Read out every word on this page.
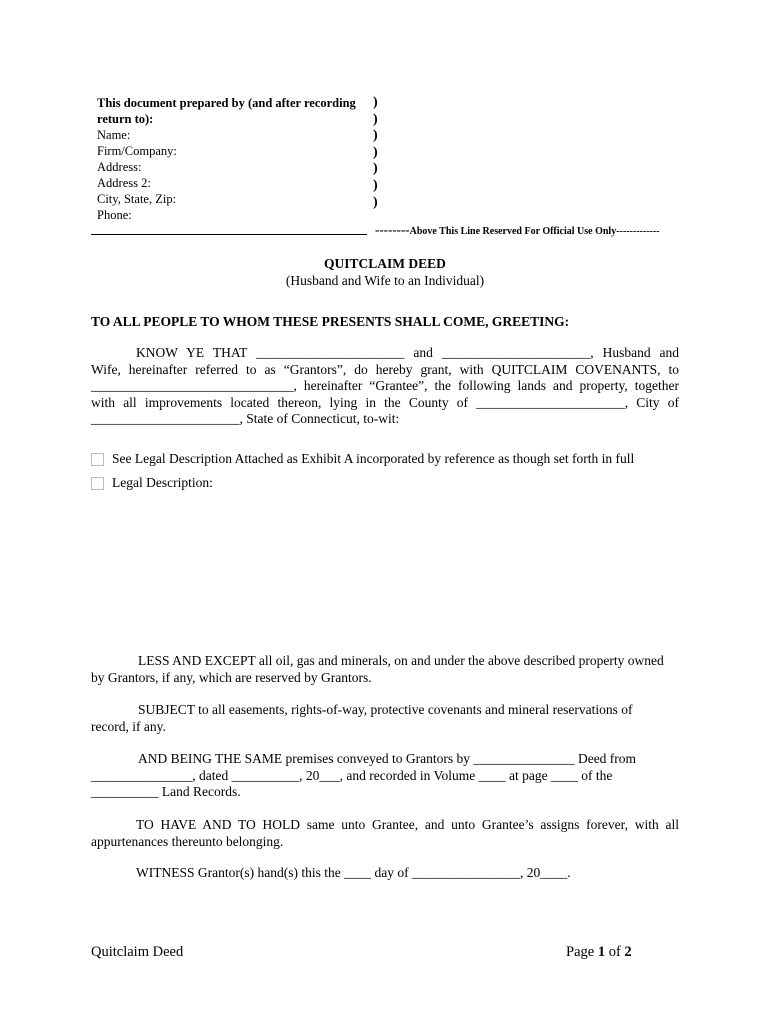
This document prepared by (and after recording
return to):
Name:
Firm/Company:
Address:
Address 2:
City, State, Zip:
Phone:
)
)
)
)
)
)
)
--------Above This Line Reserved For Official Use Only-------------
QUITCLAIM DEED
(Husband and Wife to an Individual)
TO ALL PEOPLE TO WHOM THESE PRESENTS SHALL COME, GREETING:
KNOW YE THAT ______________________ and ______________________, Husband and
Wife, hereinafter referred to as “Grantors”, do hereby grant, with QUITCLAIM COVENANTS, to
______________________________, hereinafter “Grantee”, the following lands and property, together
with all improvements located thereon, lying in the County of ______________________, City of
______________________, State of Connecticut, to-wit:
See Legal Description Attached as Exhibit A incorporated by reference as though set forth in full
Legal Description:
LESS AND EXCEPT all oil, gas and minerals, on and under the above described property owned
by Grantors, if any, which are reserved by Grantors.
SUBJECT to all easements, rights-of-way, protective covenants and mineral reservations of
record, if any.
AND BEING THE SAME premises conveyed to Grantors by _______________ Deed from
_______________, dated __________, 20___, and recorded in Volume ____ at page ____ of the
__________ Land Records.
TO HAVE AND TO HOLD same unto Grantee, and unto Grantee’s assigns forever, with all
appurtenances thereunto belonging.
WITNESS Grantor(s) hand(s) this the ____ day of ________________, 20____.
Quitclaim Deed	Page 1 of 2
